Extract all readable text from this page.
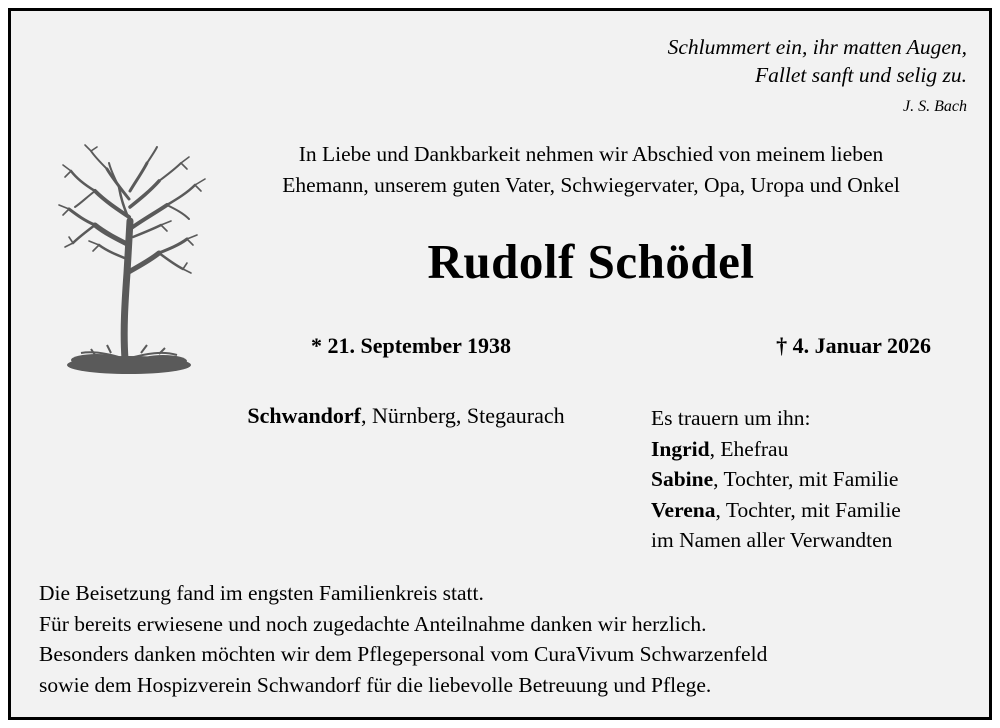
Schlummert ein, ihr matten Augen,
Fallet sanft und selig zu.
J. S. Bach
In Liebe und Dankbarkeit nehmen wir Abschied von meinem lieben
Ehemann, unserem guten Vater, Schwiegervater, Opa, Uropa und Onkel
Rudolf Schödel
* 21. September 1938	† 4. Januar 2026
Schwandorf, Nürnberg, Stegaurach	Es trauern um ihn:
Ingrid, Ehefrau
Sabine, Tochter, mit Familie
Verena, Tochter, mit Familie
im Namen aller Verwandten
Die Beisetzung fand im engsten Familienkreis statt.
Für bereits erwiesene und noch zugedachte Anteilnahme danken wir herzlich.
Besonders danken möchten wir dem Pflegepersonal vom CuraVivum Schwarzenfeld
sowie dem Hospizverein Schwandorf für die liebevolle Betreuung und Pflege.
